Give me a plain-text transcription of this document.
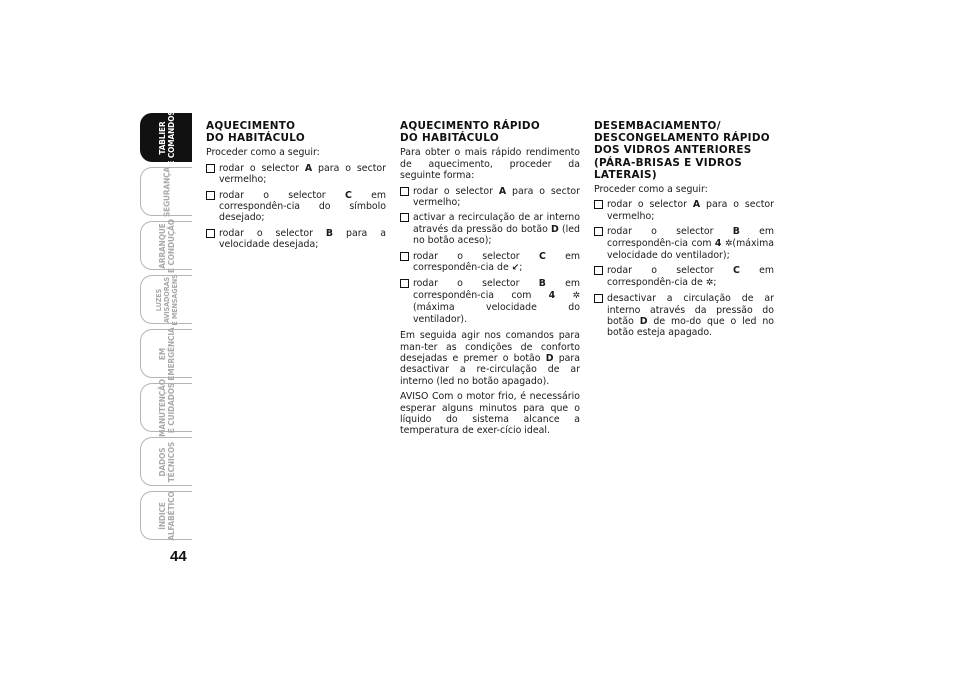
TABLIER
E COMANDOS
SEGURANÇA
ARRANQUE
E CONDUÇÃO
LUZES
AVISADORAS
E MENSAGENS
EM
EMERGÊNCIA
MANUTENÇÃO
E CUIDADOS
DADOS
TÉCNICOS
ÍNDICE
ALFABÉTICO
44
AQUECIMENTO
DO HABITÁCULO

Proceder como a seguir:

rodar o selector A para o sector vermelho;
rodar o selector C em correspondên-cia do símbolo desejado;
rodar o selector B para a velocidade desejada;
AQUECIMENTO RÁPIDO
DO HABITÁCULO

Para obter o mais rápido rendimento de aquecimento, proceder da seguinte forma:

rodar o selector A para o sector vermelho;
activar a recirculação de ar interno através da pressão do botão D (led no botão aceso);
rodar o selector C em correspondên-cia de ↙;
rodar o selector B em correspondên-cia com 4 ✲ (máxima velocidade do ventilador).

Em seguida agir nos comandos para man-ter as condições de conforto desejadas e premer o botão D para desactivar a re-circulação de ar interno (led no botão apagado).

AVISO Com o motor frio, é necessário esperar alguns minutos para que o líquido do sistema alcance a temperatura de exer-cício ideal.

DESEMBACIAMENTO/
DESCONGELAMENTO RÁPIDO
DOS VIDROS ANTERIORES
(PÁRA-BRISAS E VIDROS
LATERAIS)

Proceder como a seguir:

rodar o selector A para o sector vermelho;
rodar o selector B em correspondên-cia com 4 ✲(máxima velocidade do ventilador);
rodar o selector C em correspondên-cia de ✲;
desactivar a circulação de ar interno através da pressão do botão D de mo-do que o led no botão esteja apagado.
